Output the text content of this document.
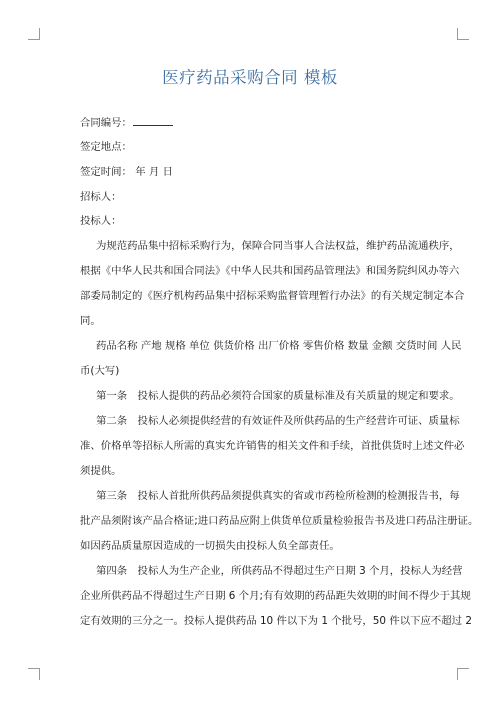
医疗药品采购合同 模板
合同编号：
签定地点：
签定时间： 年 月 日
招标人：
投标人：
为规范药品集中招标采购行为，保障合同当事人合法权益，维护药品流通秩序，
根据《中华人民共和国合同法》《中华人民共和国药品管理法》和国务院纠风办等六
部委局制定的《医疗机构药品集中招标采购监督管理暂行办法》的有关规定制定本合
同。
药品名称 产地 规格 单位 供货价格 出厂价格 零售价格 数量 金额 交货时间 人民
币(大写)
第一条　投标人提供的药品必须符合国家的质量标准及有关质量的规定和要求。
第二条　投标人必须提供经营的有效证件及所供药品的生产经营许可证、质量标
准、价格单等招标人所需的真实允许销售的相关文件和手续，首批供货时上述文件必
须提供。
第三条　投标人首批所供药品须提供真实的省或市药检所检测的检测报告书，每
批产品须附该产品合格证;进口药品应附上供货单位质量检验报告书及进口药品注册证。
如因药品质量原因造成的一切损失由投标人负全部责任。
第四条　投标人为生产企业，所供药品不得超过生产日期 3 个月，投标人为经营
企业所供药品不得超过生产日期 6 个月;有有效期的药品距失效期的时间不得少于其规
定有效期的三分之一。投标人提供药品 10 件以下为 1 个批号，50 件以下应不超过 2
